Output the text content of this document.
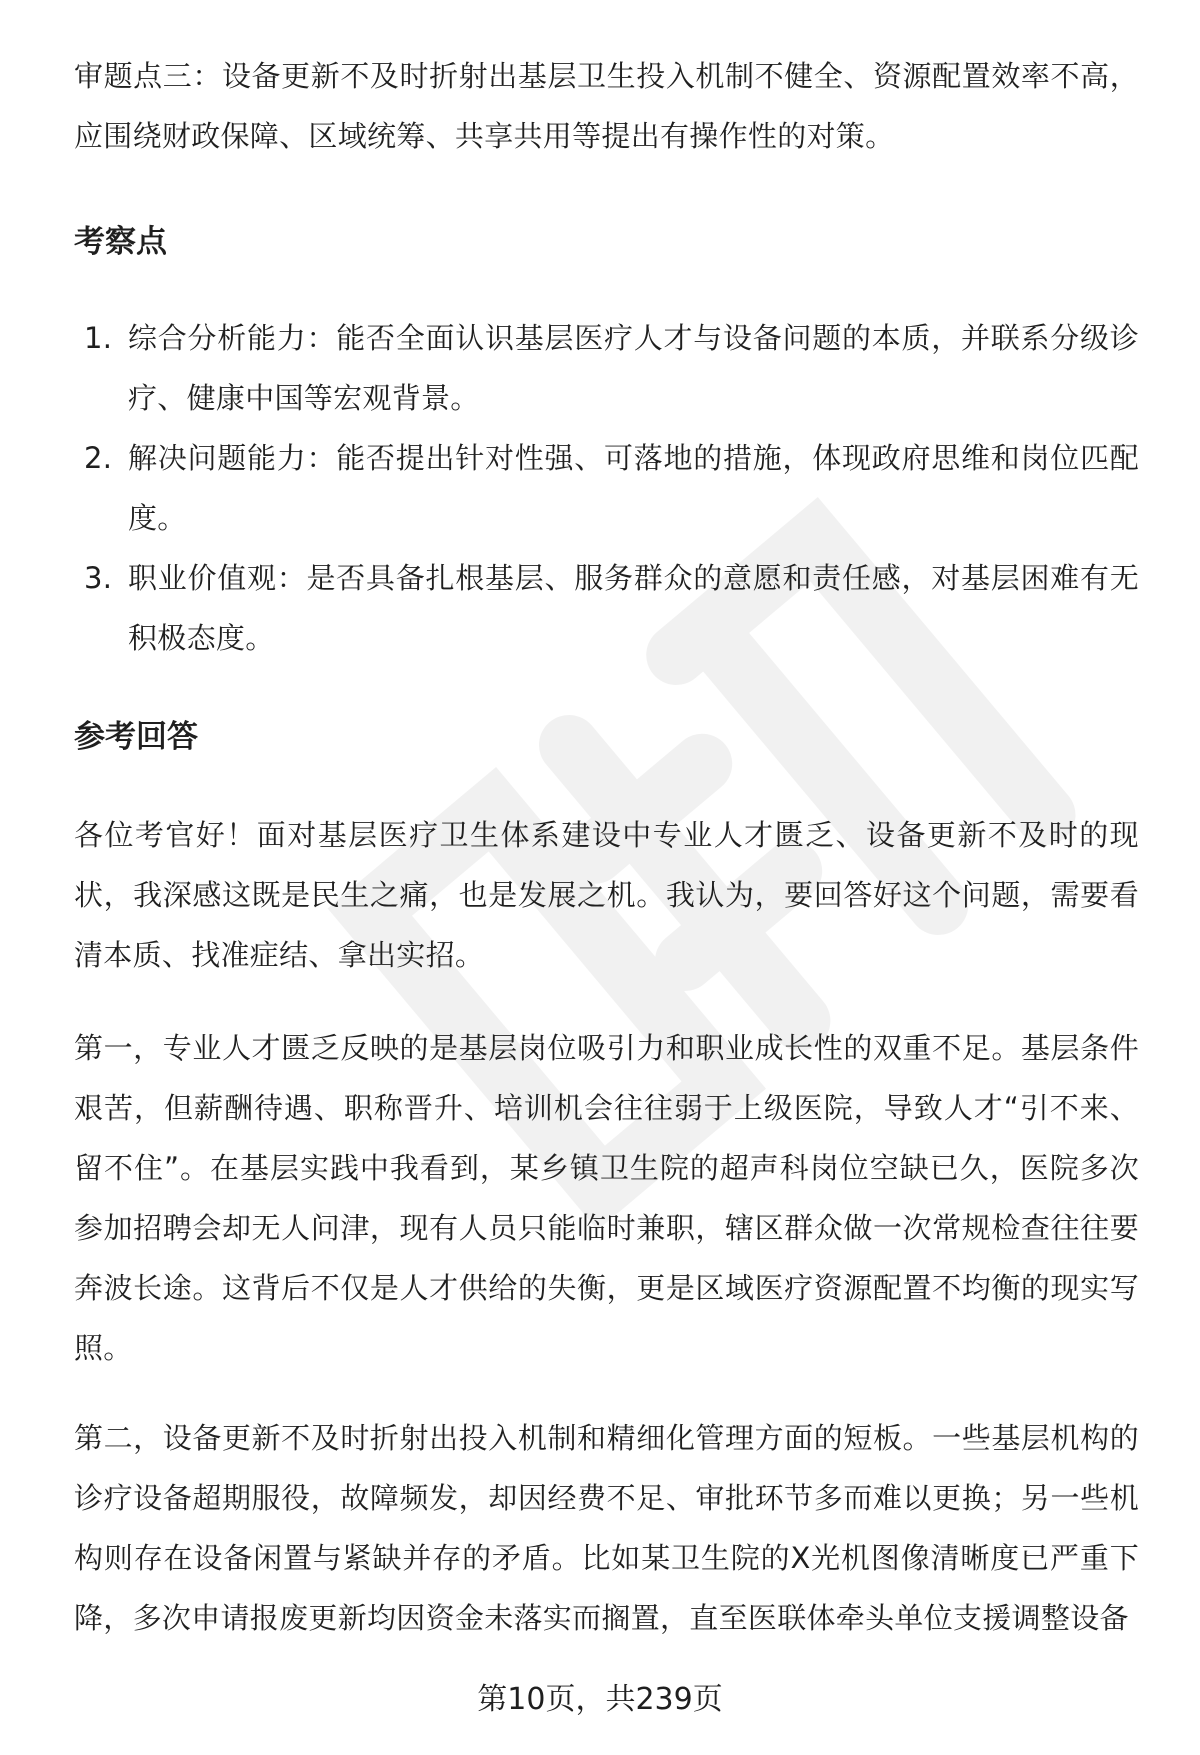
审题点三：设备更新不及时折射出基层卫生投入机制不健全、资源配置效率不高，应围绕财政保障、区域统筹、共享共用等提出有操作性的对策。

考察点
1. 综合分析能力：能否全面认识基层医疗人才与设备问题的本质，并联系分级诊疗、健康中国等宏观背景。
2. 解决问题能力：能否提出针对性强、可落地的措施，体现政府思维和岗位匹配度。
3. 职业价值观：是否具备扎根基层、服务群众的意愿和责任感，对基层困难有无积极态度。
参考回答

各位考官好！面对基层医疗卫生体系建设中专业人才匮乏、设备更新不及时的现状，我深感这既是民生之痛，也是发展之机。我认为，要回答好这个问题，需要看清本质、找准症结、拿出实招。

第一，专业人才匮乏反映的是基层岗位吸引力和职业成长性的双重不足。基层条件艰苦，但薪酬待遇、职称晋升、培训机会往往弱于上级医院，导致人才“引不来、留不住”。在基层实践中我看到，某乡镇卫生院的超声科岗位空缺已久，医院多次参加招聘会却无人问津，现有人员只能临时兼职，辖区群众做一次常规检查往往要奔波长途。这背后不仅是人才供给的失衡，更是区域医疗资源配置不均衡的现实写照。

第二，设备更新不及时折射出投入机制和精细化管理方面的短板。一些基层机构的诊疗设备超期服役，故障频发，却因经费不足、审批环节多而难以更换；另一些机构则存在设备闲置与紧缺并存的矛盾。比如某卫生院的X光机图像清晰度已严重下降，多次申请报废更新均因资金未落实而搁置，直至医联体牵头单位支援调整设备

第10页，共239页
